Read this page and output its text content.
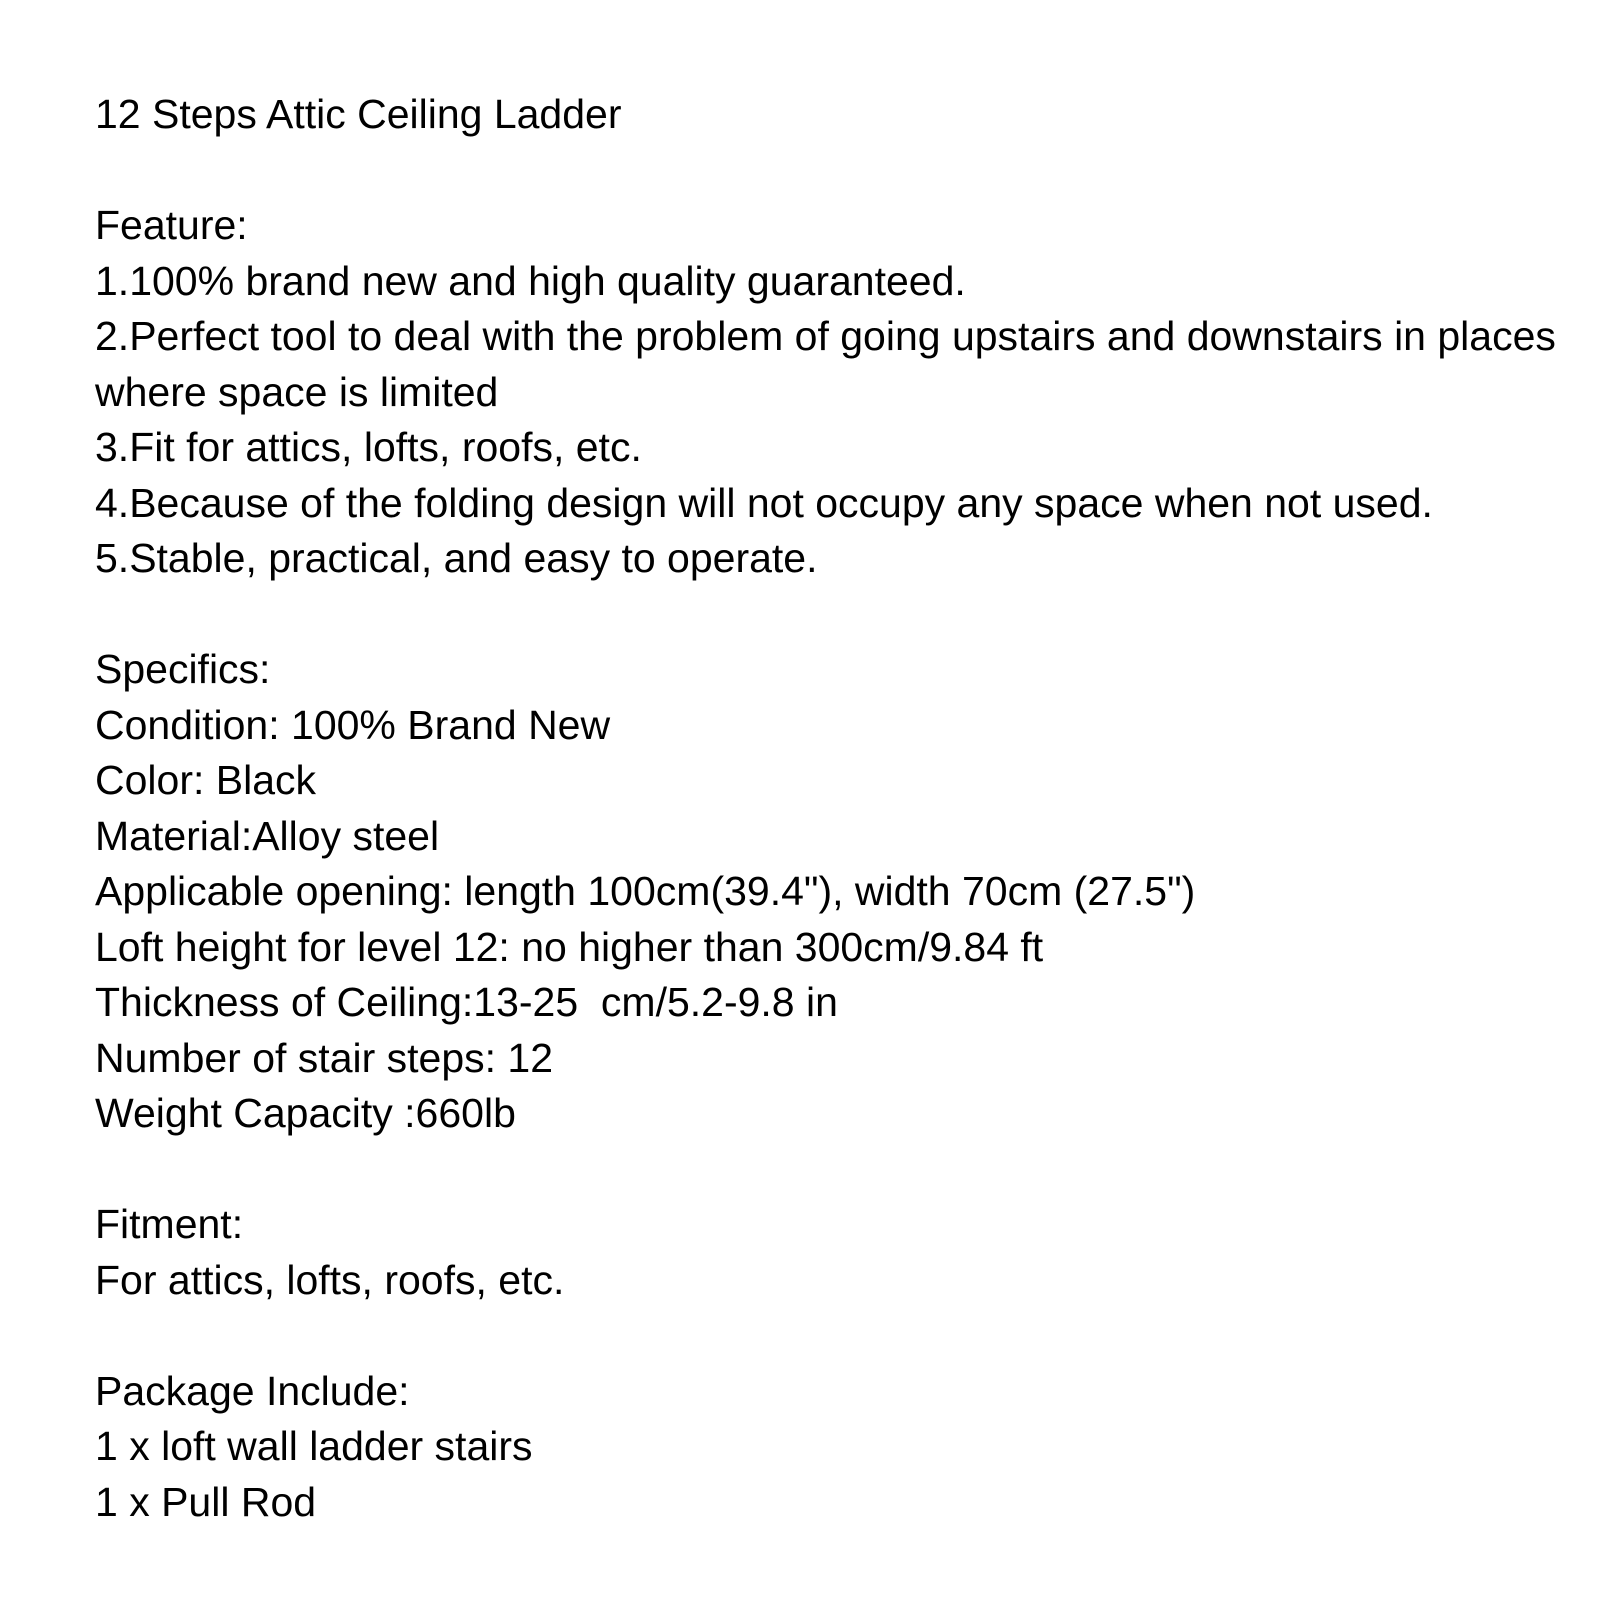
12 Steps Attic Ceiling Ladder
Feature:
1.100% brand new and high quality guaranteed.
2.Perfect tool to deal with the problem of going upstairs and downstairs in places where space is limited
3.Fit for attics, lofts, roofs, etc.
4.Because of the folding design will not occupy any space when not used.
5.Stable, practical, and easy to operate.
Specifics:
Condition: 100% Brand New
Color: Black
Material:Alloy steel
Applicable opening: length 100cm(39.4"), width 70cm (27.5")
Loft height for level 12: no higher than 300cm/9.84 ft
Thickness of Ceiling:13-25  cm/5.2-9.8 in
Number of stair steps: 12
Weight Capacity :660lb
Fitment:
For attics, lofts, roofs, etc.
Package Include:
1 x loft wall ladder stairs
1 x Pull Rod
